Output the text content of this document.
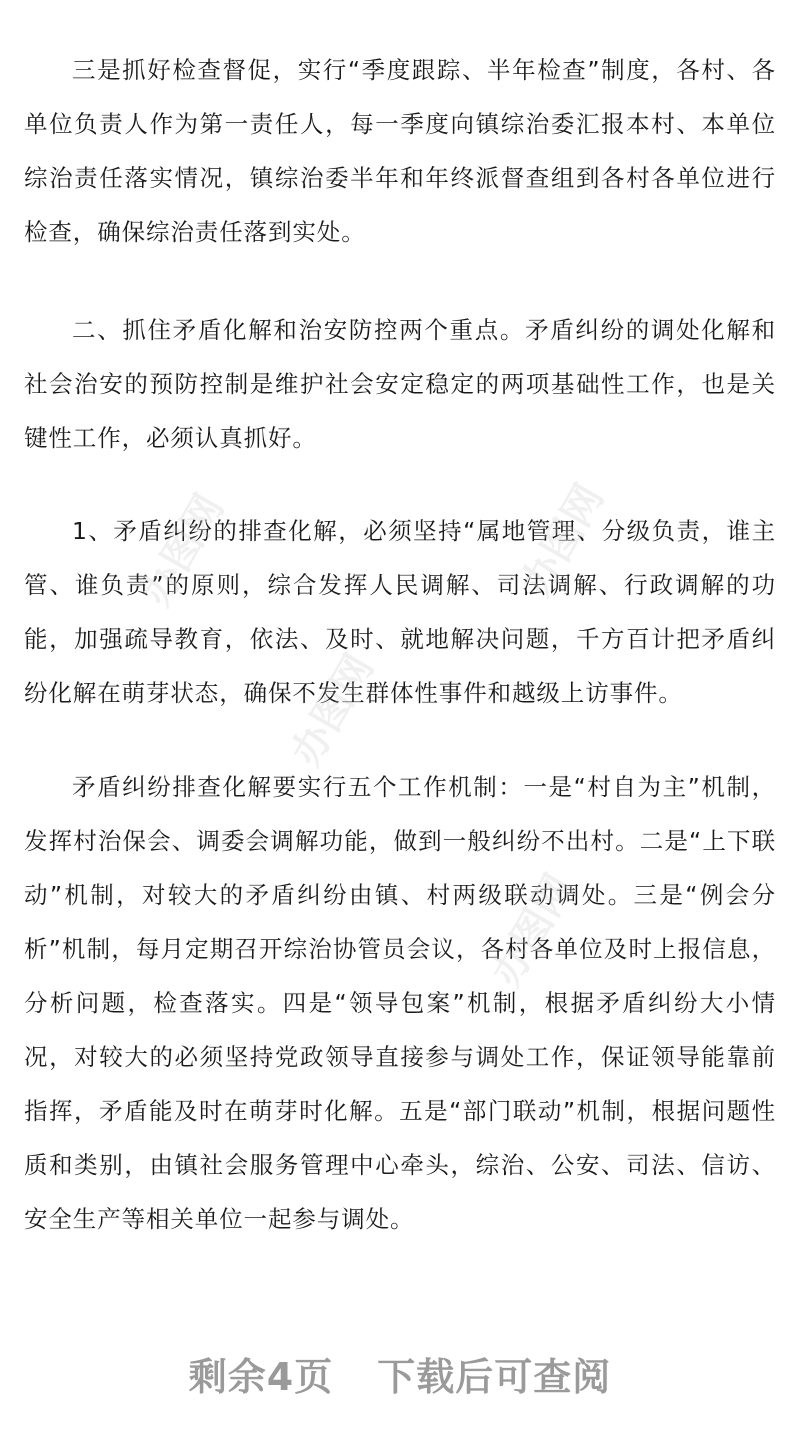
三是抓好检查督促，实行“季度跟踪、半年检查”制度，各村、各单位负责人作为第一责任人，每一季度向镇综治委汇报本村、本单位综治责任落实情况，镇综治委半年和年终派督查组到各村各单位进行检查，确保综治责任落到实处。

二、抓住矛盾化解和治安防控两个重点。矛盾纠纷的调处化解和社会治安的预防控制是维护社会安定稳定的两项基础性工作，也是关键性工作，必须认真抓好。

1、矛盾纠纷的排查化解，必须坚持“属地管理、分级负责，谁主管、谁负责”的原则，综合发挥人民调解、司法调解、行政调解的功能，加强疏导教育，依法、及时、就地解决问题，千方百计把矛盾纠纷化解在萌芽状态，确保不发生群体性事件和越级上访事件。

矛盾纠纷排查化解要实行五个工作机制：一是“村自为主”机制，发挥村治保会、调委会调解功能，做到一般纠纷不出村。二是“上下联动”机制，对较大的矛盾纠纷由镇、村两级联动调处。三是“例会分析”机制，每月定期召开综治协管员会议，各村各单位及时上报信息，分析问题，检查落实。四是“领导包案”机制，根据矛盾纠纷大小情况，对较大的必须坚持党政领导直接参与调处工作，保证领导能靠前指挥，矛盾能及时在萌芽时化解。五是“部门联动”机制，根据问题性质和类别，由镇社会服务管理中心牵头，综治、公安、司法、信访、安全生产等相关单位一起参与调处。

办图网	办图网
办图网
办图网
剩余4页 下载后可查阅
